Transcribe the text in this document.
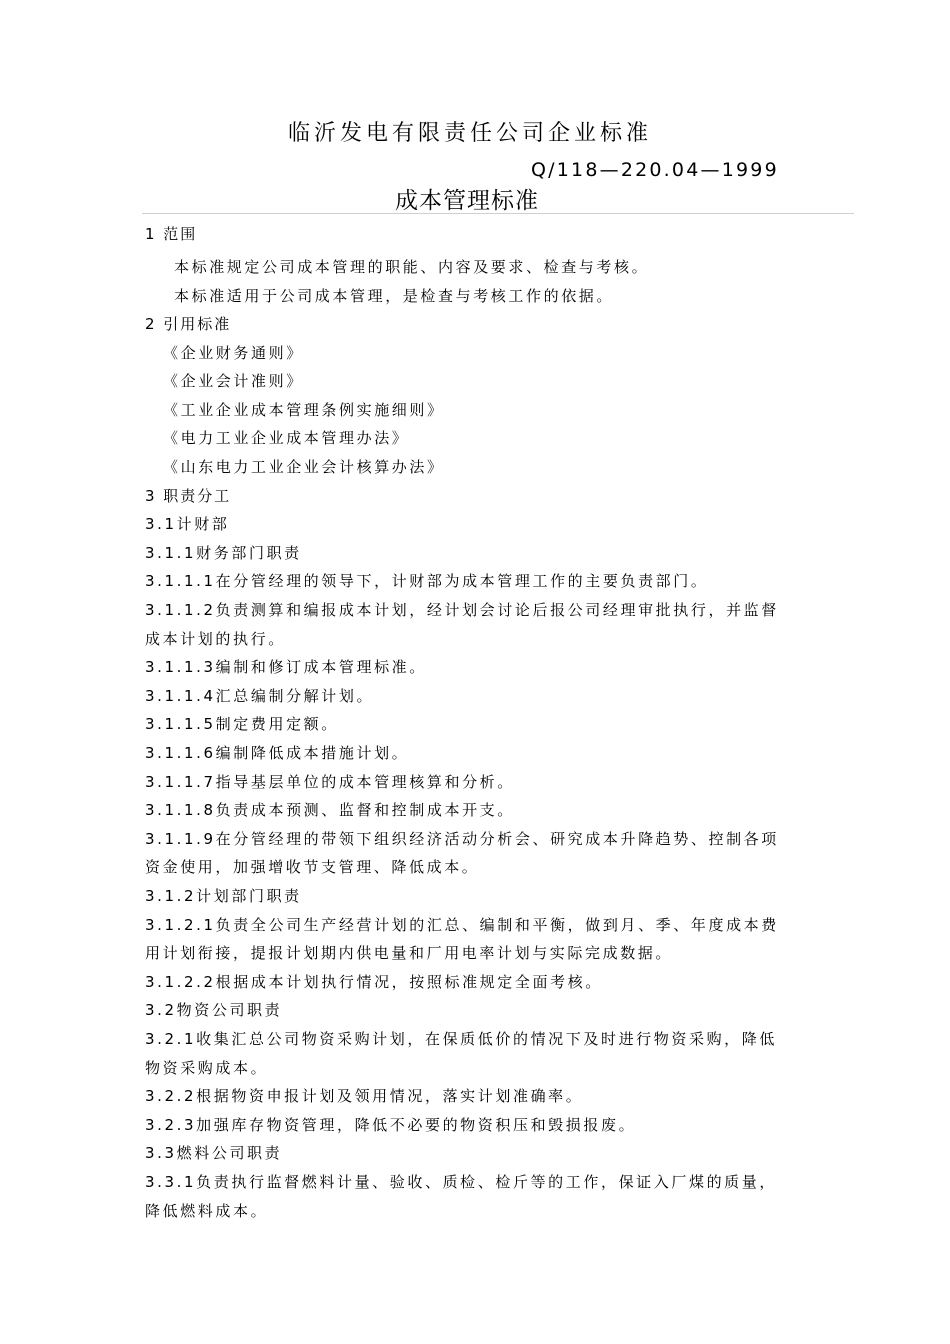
临沂发电有限责任公司企业标准
Q/118—220.04—1999
成本管理标准
1 范围
本标准规定公司成本管理的职能、内容及要求、检查与考核。
本标准适用于公司成本管理，是检查与考核工作的依据。
2 引用标准
《企业财务通则》
《企业会计准则》
《工业企业成本管理条例实施细则》
《电力工业企业成本管理办法》
《山东电力工业企业会计核算办法》
3 职责分工
3.1计财部
3.1.1财务部门职责
3.1.1.1在分管经理的领导下，计财部为成本管理工作的主要负责部门。
3.1.1.2负责测算和编报成本计划，经计划会讨论后报公司经理审批执行，并监督
成本计划的执行。
3.1.1.3编制和修订成本管理标准。
3.1.1.4汇总编制分解计划。
3.1.1.5制定费用定额。
3.1.1.6编制降低成本措施计划。
3.1.1.7指导基层单位的成本管理核算和分析。
3.1.1.8负责成本预测、监督和控制成本开支。
3.1.1.9在分管经理的带领下组织经济活动分析会、研究成本升降趋势、控制各项
资金使用，加强增收节支管理、降低成本。
3.1.2计划部门职责
3.1.2.1负责全公司生产经营计划的汇总、编制和平衡，做到月、季、年度成本费
用计划衔接，提报计划期内供电量和厂用电率计划与实际完成数据。
3.1.2.2根据成本计划执行情况，按照标准规定全面考核。
3.2物资公司职责
3.2.1收集汇总公司物资采购计划，在保质低价的情况下及时进行物资采购，降低
物资采购成本。
3.2.2根据物资申报计划及领用情况，落实计划准确率。
3.2.3加强库存物资管理，降低不必要的物资积压和毁损报废。
3.3燃料公司职责
3.3.1负责执行监督燃料计量、验收、质检、检斤等的工作，保证入厂煤的质量，
降低燃料成本。
